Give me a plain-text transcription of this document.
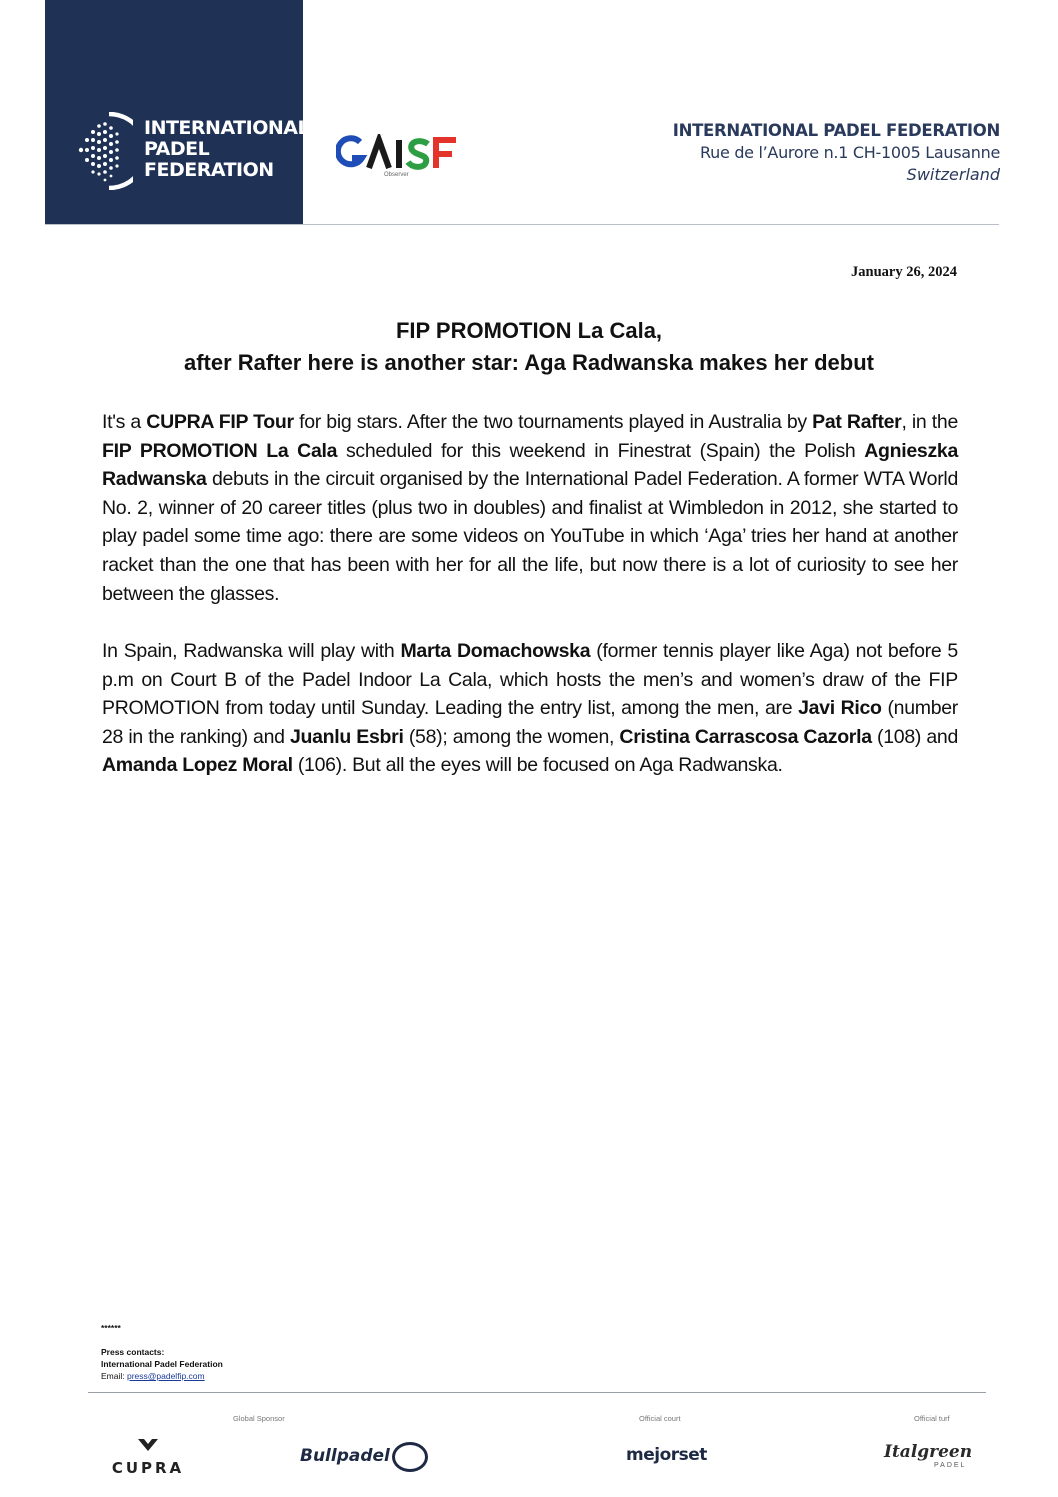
INTERNATIONAL
PADEL
FEDERATION	Observer
INTERNATIONAL PADEL FEDERATION
Rue de l’Aurore n.1 CH-1005 Lausanne
Switzerland
January 26, 2024
FIP PROMOTION La Cala,
after Rafter here is another star: Aga Radwanska makes her debut
It's a CUPRA FIP Tour for big stars. After the two tournaments played in Australia by Pat Rafter, in the FIP PROMOTION La Cala scheduled for this weekend in Finestrat (Spain) the Polish Agnieszka Radwanska debuts in the circuit organised by the International Padel Federation. A former WTA World No. 2, winner of 20 career titles (plus two in doubles) and finalist at Wimbledon in 2012, she started to play padel some time ago: there are some videos on YouTube in which ‘Aga’ tries her hand at another racket than the one that has been with her for all the life, but now there is a lot of curiosity to see her between the glasses.
In Spain, Radwanska will play with Marta Domachowska (former tennis player like Aga) not before 5 p.m on Court B of the Padel Indoor La Cala, which hosts the men’s and women’s draw of the FIP PROMOTION from today until Sunday. Leading the entry list, among the men, are Javi Rico (number 28 in the ranking) and Juanlu Esbri (58); among the women, Cristina Carrascosa Cazorla (108) and Amanda Lopez Moral (106). But all the eyes will be focused on Aga Radwanska.
******
Press contacts:
International Padel Federation
Email: press@padelfip.com
Global Sponsor	Official court	Official turf
CUPRA
Bullpadel	mejorset	Italgreen
PADEL
